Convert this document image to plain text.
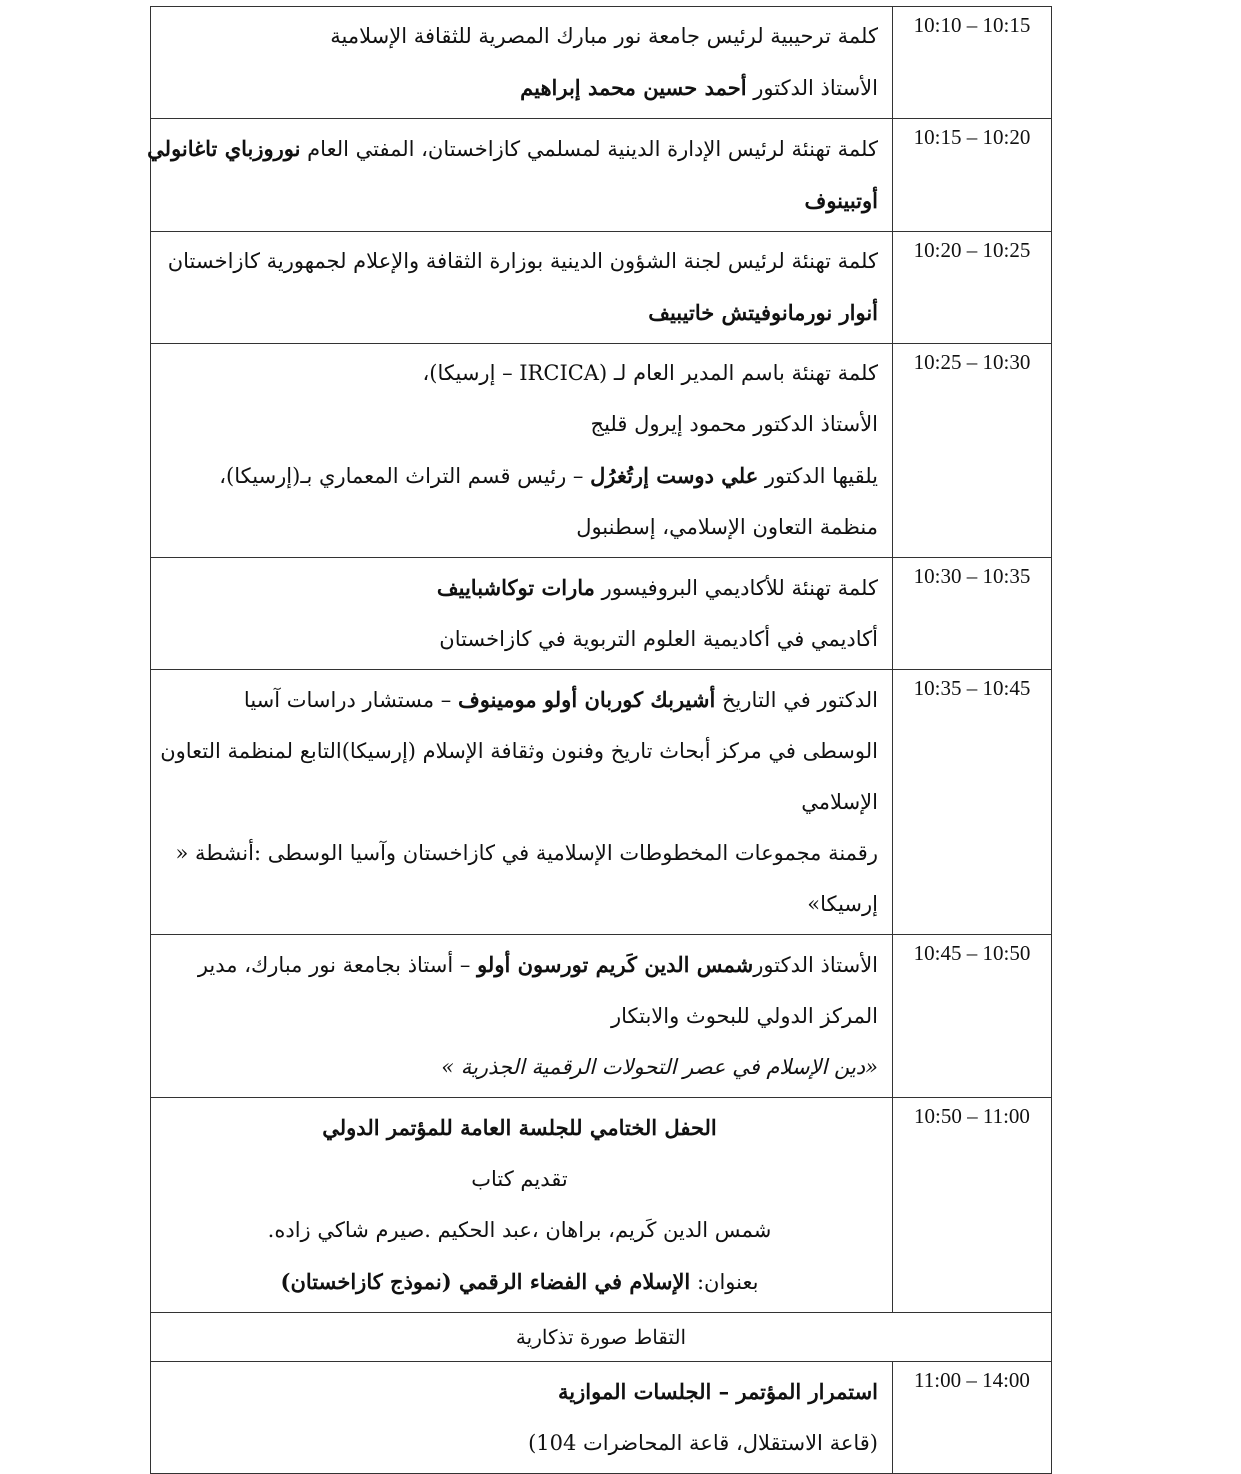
كلمة ترحيبية لرئيس جامعة نور مبارك المصرية للثقافة الإسلامية
الأستاذ الدكتور أحمد حسين محمد إبراهيم	10:10 – 10:15

كلمة تهنئة لرئيس الإدارة الدينية لمسلمي كازاخستان، المفتي العام نوروزباي تاغانولي
أوتبينوف	10:15 – 10:20

كلمة تهنئة لرئيس لجنة الشؤون الدينية بوزارة الثقافة والإعلام لجمهورية كازاخستان
أنوار نورمانوفيتش خاتيبيف	10:20 – 10:25

كلمة تهنئة باسم المدير العام لـ (IRCICA – إرسيكا)،
الأستاذ الدكتور محمود إيرول قليج
يلقيها الدكتور علي دوست إرتُغرُل – رئيس قسم التراث المعماري بـ(إرسيكا)،
منظمة التعاون الإسلامي، إسطنبول	10:25 – 10:30

كلمة تهنئة للأكاديمي البروفيسور مارات توكاشباييف
أكاديمي في أكاديمية العلوم التربوية في كازاخستان	10:30 – 10:35

الدكتور في التاريخ أشيربك كوربان أولو مومينوف – مستشار دراسات آسيا
الوسطى في مركز أبحاث تاريخ وفنون وثقافة الإسلام (إرسيكا)التابع لمنظمة التعاون
الإسلامي
رقمنة مجموعات المخطوطات الإسلامية في كازاخستان وآسيا الوسطى :أنشطة «
إرسيكا»	10:35 – 10:45

الأستاذ الدكتورشمس الدين كَريم تورسون أولو – أستاذ بجامعة نور مبارك، مدير
المركز الدولي للبحوث والابتكار
«دين الإسلام في عصر التحولات الرقمية الجذرية »	10:45 – 10:50

الحفل الختامي للجلسة العامة للمؤتمر الدولي
تقديم كتاب
شمس الدين كَريم، براهان ،عبد الحكيم .صيرم شاكي زاده.
بعنوان: الإسلام في الفضاء الرقمي (نموذج كازاخستان)	10:50 – 11:00
التقاط صورة تذكارية	

استمرار المؤتمر – الجلسات الموازية
(قاعة الاستقلال، قاعة المحاضرات 104)	11:00 – 14:00
